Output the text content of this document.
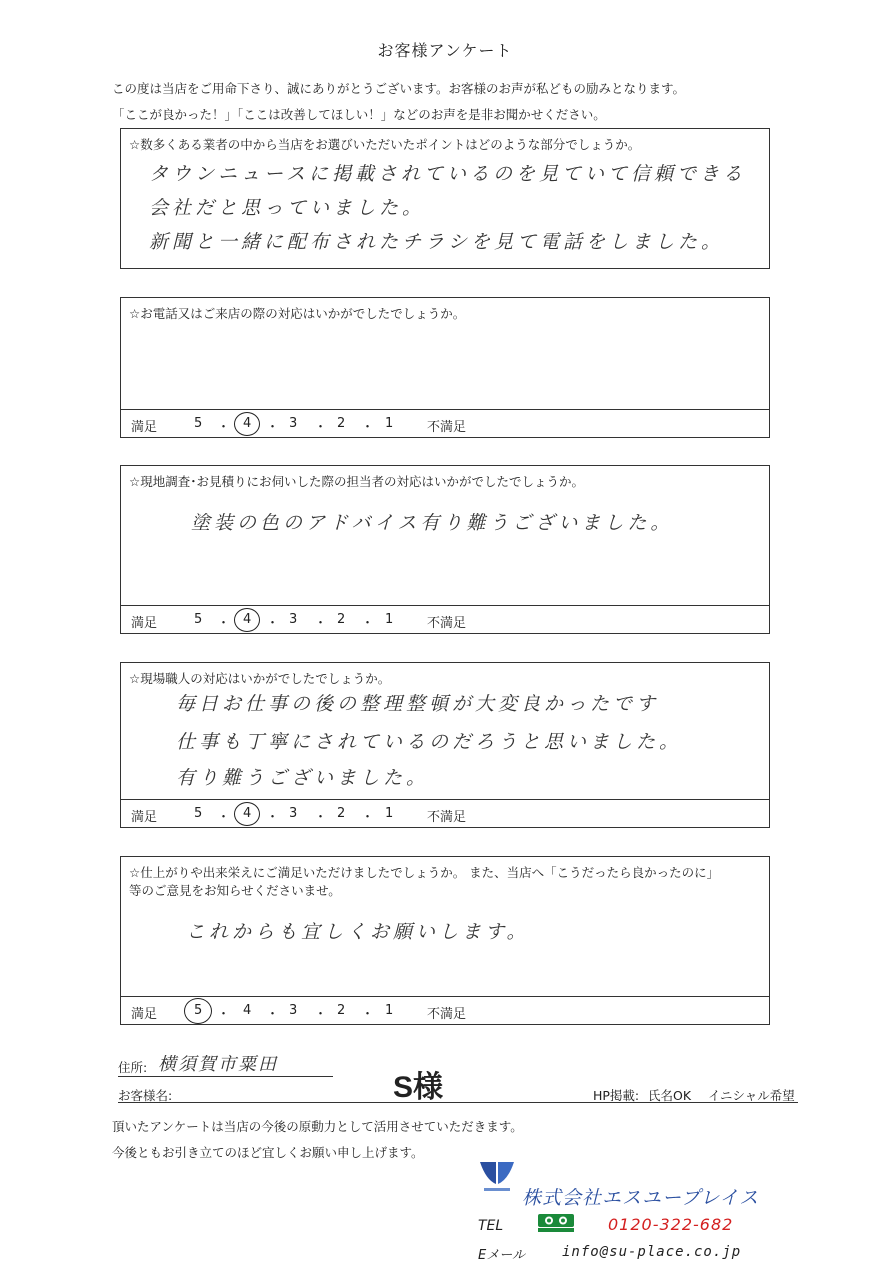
お客様アンケート
この度は当店をご用命下さり、誠にありがとうございます。お客様のお声が私どもの励みとなります。
「ここが良かった！」「ここは改善してほしい！」などのお声を是非お聞かせください。
☆数多くある業者の中から当店をお選びいただいたポイントはどのような部分でしょうか。
タウンニュースに掲載されているのを見ていて信頼できる
会社だと思っていました。
新聞と一緒に配布されたチラシを見て電話をしました。
☆お電話又はご来店の際の対応はいかがでしたでしょうか。
満足	5 ・ 4 ・ 3 ・ 2 ・ 1	不満足
☆現地調査･お見積りにお伺いした際の担当者の対応はいかがでしたでしょうか。
塗装の色のアドバイス有り難うございました。
満足	5 ・ 4 ・ 3 ・ 2 ・ 1	不満足
☆現場職人の対応はいかがでしたでしょうか。
毎日お仕事の後の整理整頓が大変良かったです
仕事も丁寧にされているのだろうと思いました。
有り難うございました。
満足	5 ・ 4 ・ 3 ・ 2 ・ 1	不満足
☆仕上がりや出来栄えにご満足いただけましたでしょうか。 また、当店へ「こうだったら良かったのに」
等のご意見をお知らせくださいませ。
これからも宜しくお願いします。
満足	5 ・ 4 ・ 3 ・ 2 ・ 1	不満足
住所: 横須賀市粟田
お客様名:	HP掲載: 氏名OK イニシャル希望
S様
頂いたアンケートは当店の今後の原動力として活用させていただきます。
今後ともお引き立てのほど宜しくお願い申し上げます。
株式会社エスユープレイス
TEL	0120-322-682
Eメール	info@su-place.co.jp
